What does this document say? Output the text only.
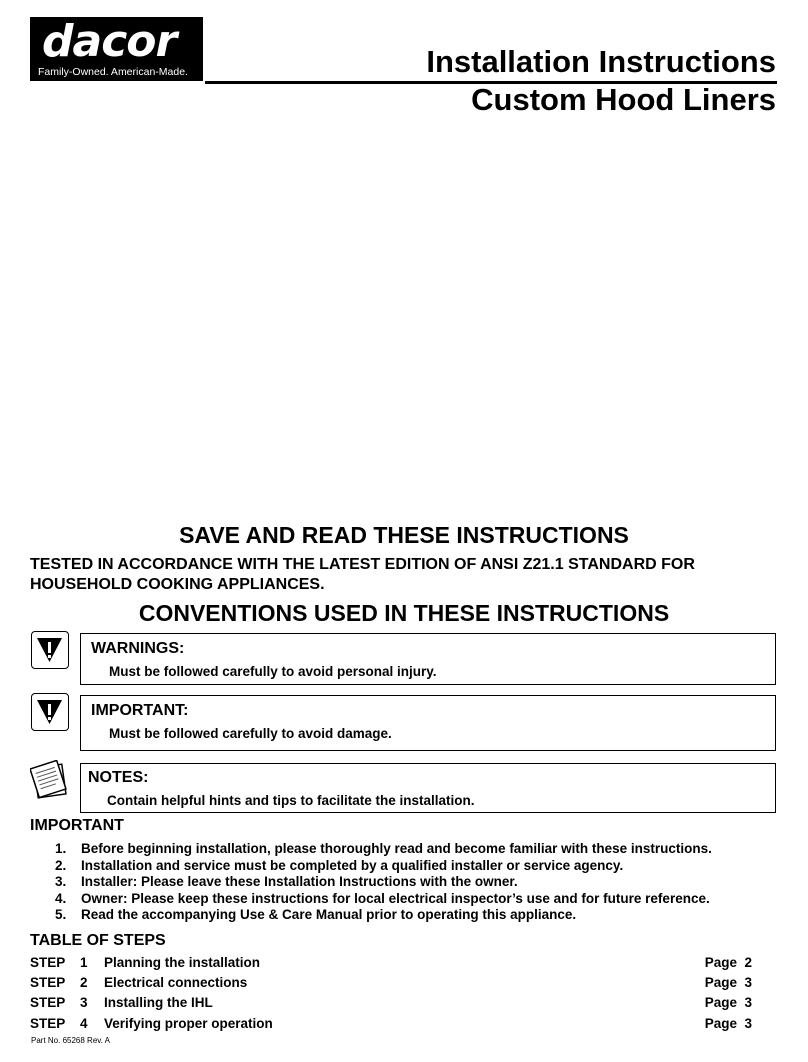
dacor
Family-Owned. American-Made.	Installation Instructions
Custom Hood Liners
SAVE AND READ THESE INSTRUCTIONS
TESTED IN ACCORDANCE WITH THE LATEST EDITION OF ANSI Z21.1 STANDARD FOR HOUSEHOLD COOKING APPLIANCES.
CONVENTIONS USED IN THESE INSTRUCTIONS
WARNINGS:
Must be followed carefully to avoid personal injury.
IMPORTANT:
Must be followed carefully to avoid damage.
NOTES:
Contain helpful hints and tips to facilitate the installation.
IMPORTANT
1. Before beginning installation, please thoroughly read and become familiar with these instructions.
2. Installation and service must be completed by a qualified installer or service agency.
3. Installer: Please leave these Installation Instructions with the owner.
4. Owner: Please keep these instructions for local electrical inspector’s use and for future reference.
5. Read the accompanying Use & Care Manual prior to operating this appliance.
TABLE OF STEPS
STEP 1 Planning the installation	Page  2
STEP 2 Electrical connections	Page  3
STEP 3 Installing the IHL	Page  3
STEP 4 Verifying proper operation	Page  3
Part No. 65268 Rev. A
